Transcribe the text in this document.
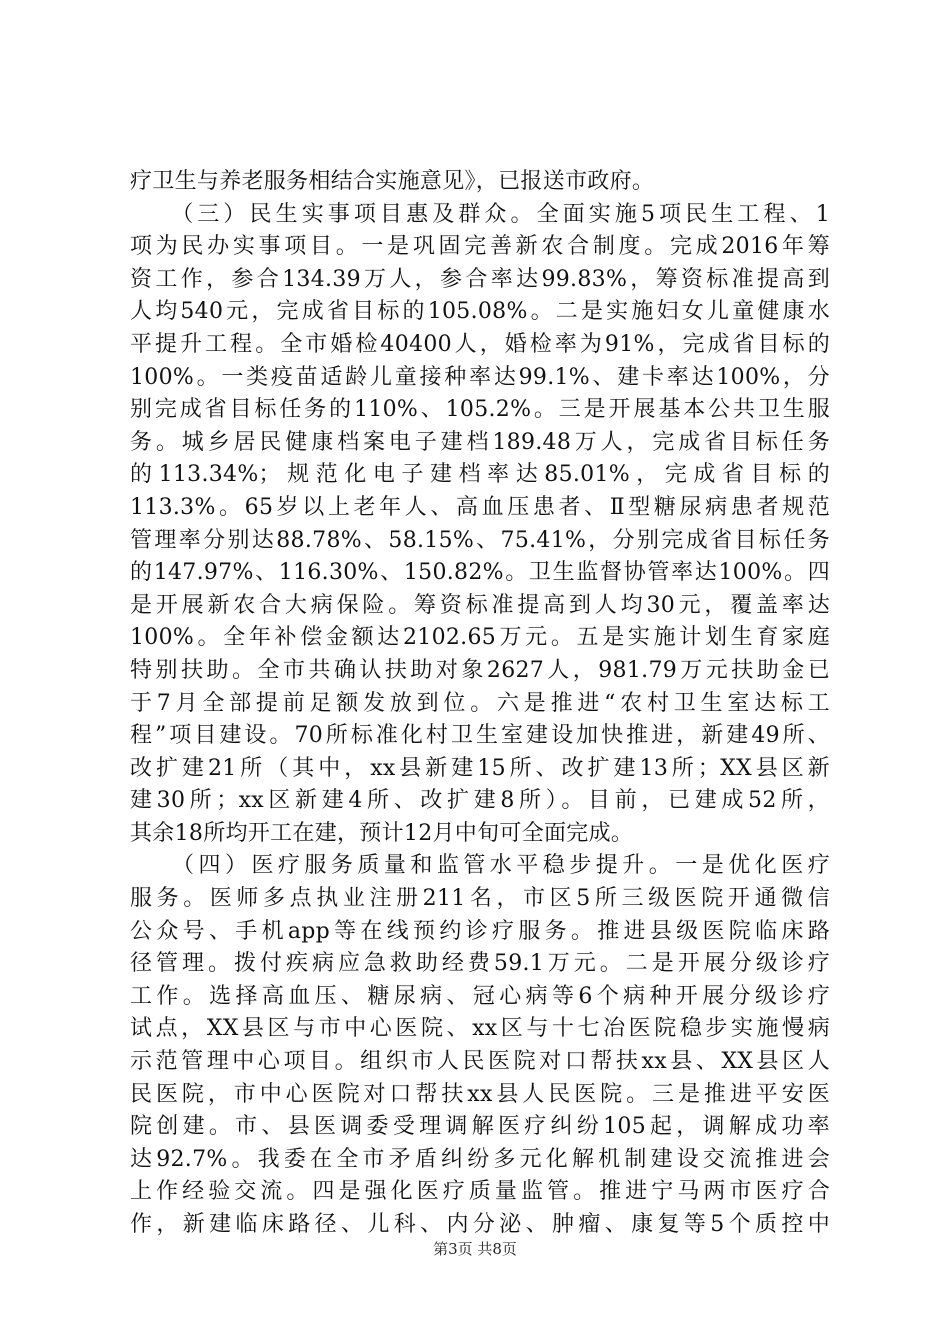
疗卫生与养老服务相结合实施意见》，已报送市政府。
　　（三）民生实事项目惠及群众。全面实施5项民生工程、1
项为民办实事项目。一是巩固完善新农合制度。完成2016年筹
资工作，参合134.39万人，参合率达99.83%，筹资标准提高到
人均540元，完成省目标的105.08%。二是实施妇女儿童健康水
平提升工程。全市婚检40400人，婚检率为91%，完成省目标的
100%。一类疫苗适龄儿童接种率达99.1%、建卡率达100%，分
别完成省目标任务的110%、105.2%。三是开展基本公共卫生服
务。城乡居民健康档案电子建档189.48万人，完成省目标任务
的113.34%；规范化电子建档率达85.01%，完成省目标的
113.3%。65岁以上老年人、高血压患者、Ⅱ型糖尿病患者规范
管理率分别达88.78%、58.15%、75.41%，分别完成省目标任务
的147.97%、116.30%、150.82%。卫生监督协管率达100%。四
是开展新农合大病保险。筹资标准提高到人均30元，覆盖率达
100%。全年补偿金额达2102.65万元。五是实施计划生育家庭
特别扶助。全市共确认扶助对象2627人，981.79万元扶助金已
于7月全部提前足额发放到位。六是推进“农村卫生室达标工
程”项目建设。70所标准化村卫生室建设加快推进，新建49所、
改扩建21所（其中，xx县新建15所、改扩建13所；XX县区新
建30所；xx区新建4所、改扩建8所）。目前，已建成52所，
其余18所均开工在建，预计12月中旬可全面完成。
　　（四）医疗服务质量和监管水平稳步提升。一是优化医疗
服务。医师多点执业注册211名，市区5所三级医院开通微信
公众号、手机app等在线预约诊疗服务。推进县级医院临床路
径管理。拨付疾病应急救助经费59.1万元。二是开展分级诊疗
工作。选择高血压、糖尿病、冠心病等6个病种开展分级诊疗
试点，XX县区与市中心医院、xx区与十七冶医院稳步实施慢病
示范管理中心项目。组织市人民医院对口帮扶xx县、XX县区人
民医院，市中心医院对口帮扶xx县人民医院。三是推进平安医
院创建。市、县医调委受理调解医疗纠纷105起，调解成功率
达92.7%。我委在全市矛盾纠纷多元化解机制建设交流推进会
上作经验交流。四是强化医疗质量监管。推进宁马两市医疗合
作，新建临床路径、儿科、内分泌、肿瘤、康复等5个质控中
第3页 共8页
